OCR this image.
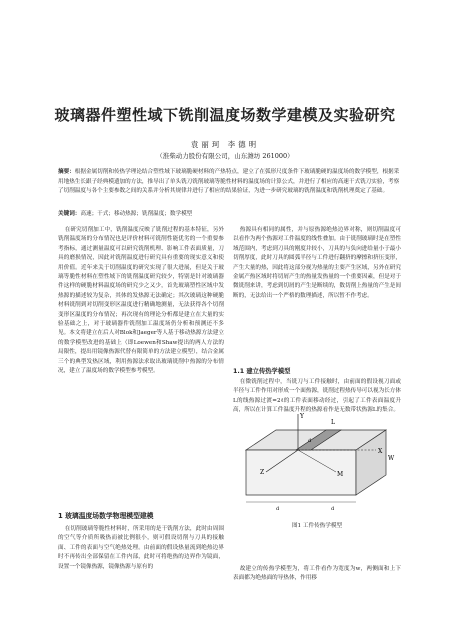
玻璃器件塑性域下铣削温度场数学建模及实验研究
袁丽珂 李德明
（淮柴动力股份有限公司，山东潍坊 261000）
摘要：根据金属切削和传热学理论结合塑性域下玻璃脆硬材料的产热特点，建立了在弧形尺度条件下玻璃脆硬的温度场的数学模型，根据采用地热生长跟子经典模遗加的方法，推导出了单头铣刀铣削玻璃等脆性材料的温度场的计算公式，并进行了相应的高速干式铣刀实验，考察了切削温度与各个主要参数之间的关系并分析其规律并进行了相应的结果验证，为进一步研究玻璃的铣削温度和铣削机理奠定了基础。
关键词：高速；干式；移动热源；铣削温度；数学模型
在研究切削加工中，铣削温度反映了铣削过程的基本特征，另外铣削温度场的分布情况也是评价材料可铣削性能优劣的一个重要参考指标，通过测量温度可以研究铣削机理、影响工件表面质量，刀具的磨损情况，因此对铣削温度进行研究具有重要的现实意义和使用价值。近年来关于切削温度的研究实现了很大进展，但是关于玻璃等脆性材料在塑性域下的铣削温度研究较少，特别是针对玻璃器件这样的硬脆材料温度场的研究少之又少，首先玻璃塑性区域中发热源的描述较为复杂，其体的发热源无法确定；其次玻璃这种硬脆材料铣削到对切削变形区温度进行精确地测量，无法获得各个切削变形区温度的分布情况；再次现有的理论分析都是建立在大量的实验基础之上，对于玻璃器件铣削加工温度场仍分析和预测还不多见。本文将建立在后人对Blok和Jaeger等人基于移动热源方法建立的数学模型改进的基础上（即Loewen和Shaw提出的两人方法的局限性，提出用镜像热源代替有限简单的方法建立模型），结合金属三个的典型发热区域，利用热源法求取出玻璃铣削中热源的分布情况，建立了温度场的数学模型参考模型。
1 玻璃温度场数学物理模型建模
在切削玻璃等脆性材料时，所采用的是干铣削方法，此时由周围的空气等介质所吸热而被比例很小，则可假设切削与刀具的接触面、工件的表面与空气绝热处理。由前面的假设热量流到绝热边界时不再传出全部保留在工件内部，此时可将绝热的边界作为镜面，设置一个镜像热源，镜像热源与原有的
热源具有相同的属性，并与原热源绝热边界对称，则切削温度可以看作为两个热源对工件温度的线性叠加。由于铣削玻璃时是在塑性域范围内，考虑到刀具的刚度并较小，刀具的与负向进给量小于最小切削厚度，此时刀具的圆弧半径与工件进行翻挤的摩擦和挤压变形，产生大量的热，因此将这部分视为热量的主要产生区域，另外在研究金属产热区域时将切屑产生的热量发热量的一个重要因素，但是对于微铣削来讲，考虑到切屑的产生是断续的，数切削上热量的产生是间断的，无法给出一个严格的数理描述，所以暂不作考虑。
1.1 建立传热学模型
在微铣削过程中，当铣刀与工件接触时，由前面的假设视刀面或半径与工件作用对形成一个面热源，铣削过程热传导可以视为长方体L的线热源过渡=2ℓ的工件表面移动经过，引起了工件表面温度升高，所以在计算工件温度升程的热源看作是无数带状热源L的集合。
Y
Z	M
X
d
L
d	d
W
图1 工件传热学模型
故建立的传热学模型为，将工件看作为宽度为w，两侧面和上下表面都为绝热面的导热体，作用移
